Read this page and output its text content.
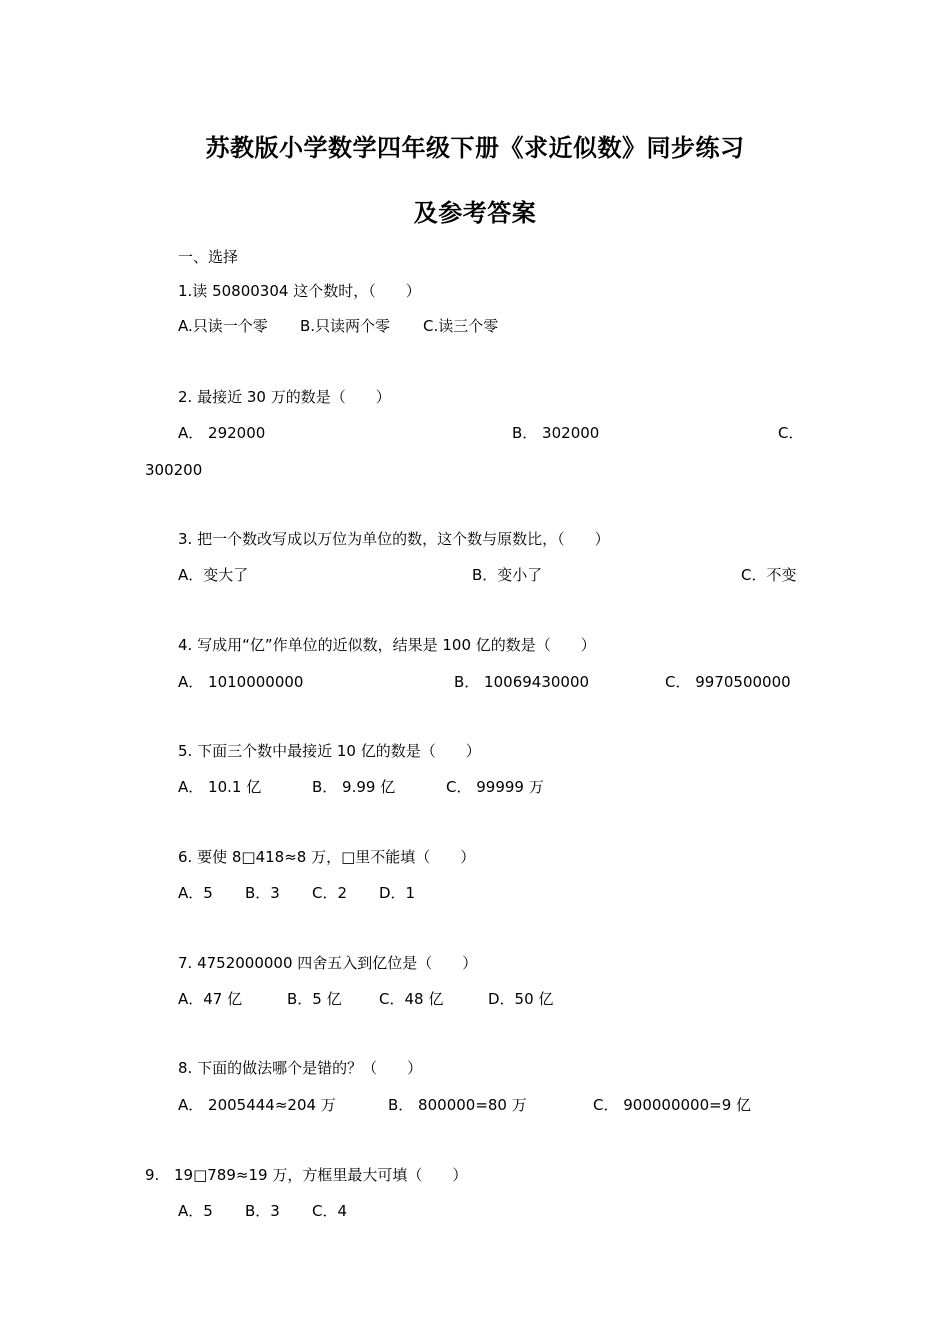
苏教版小学数学四年级下册《求近似数》同步练习
及参考答案
一、选择
1.读 50800304 这个数时，（　　）
A.只读一个零 B.只读两个零 C.读三个零
2. 最接近 30 万的数是（　　）
A． 292000	B． 302000	C．
300200
3. 把一个数改写成以万位为单位的数，这个数与原数比，（　　）
A．变大了	B．变小了	C．不变
4. 写成用“亿”作单位的近似数，结果是 100 亿的数是（　　）
A． 1010000000	B． 10069430000	C． 9970500000
5. 下面三个数中最接近 10 亿的数是（　　）
A． 10.1 亿	B． 9.99 亿	C． 99999 万
6. 要使 8□418≈8 万，□里不能填（　　）
A．5 B．3 C．2 D．1
7. 4752000000 四舍五入到亿位是（　　）
A．47 亿	B．5 亿 C．48 亿	D．50 亿
8. 下面的做法哪个是错的？（　　）
A． 2005444≈204 万	B． 800000=80 万	C． 900000000=9 亿
9. 19□789≈19 万，方框里最大可填（　　）
A．5 B．3 C．4
